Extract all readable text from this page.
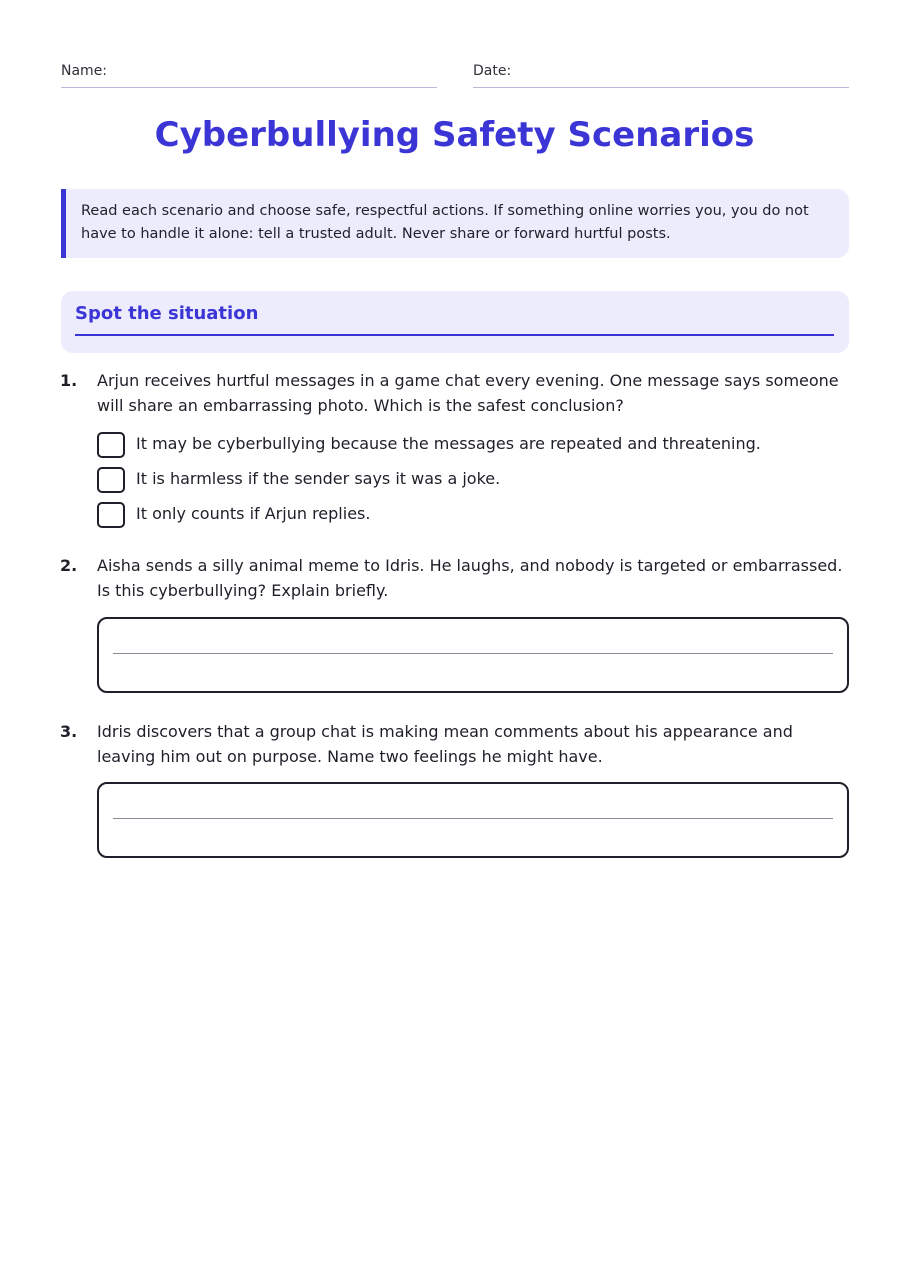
Name:	Date:
Cyberbullying Safety Scenarios

Read each scenario and choose safe, respectful actions. If something online worries you, you do not have to handle it alone: tell a trusted adult. Never share or forward hurtful posts.

Spot the situation
1. Arjun receives hurtful messages in a game chat every evening. One message says someone will share an embarrassing photo. Which is the safest conclusion?

It may be cyberbullying because the messages are repeated and threatening.
It is harmless if the sender says it was a joke.
It only counts if Arjun replies.
2. Aisha sends a silly animal meme to Idris. He laughs, and nobody is targeted or embarrassed. Is this cyberbullying? Explain briefly.

3. Idris discovers that a group chat is making mean comments about his appearance and leaving him out on purpose. Name two feelings he might have.
